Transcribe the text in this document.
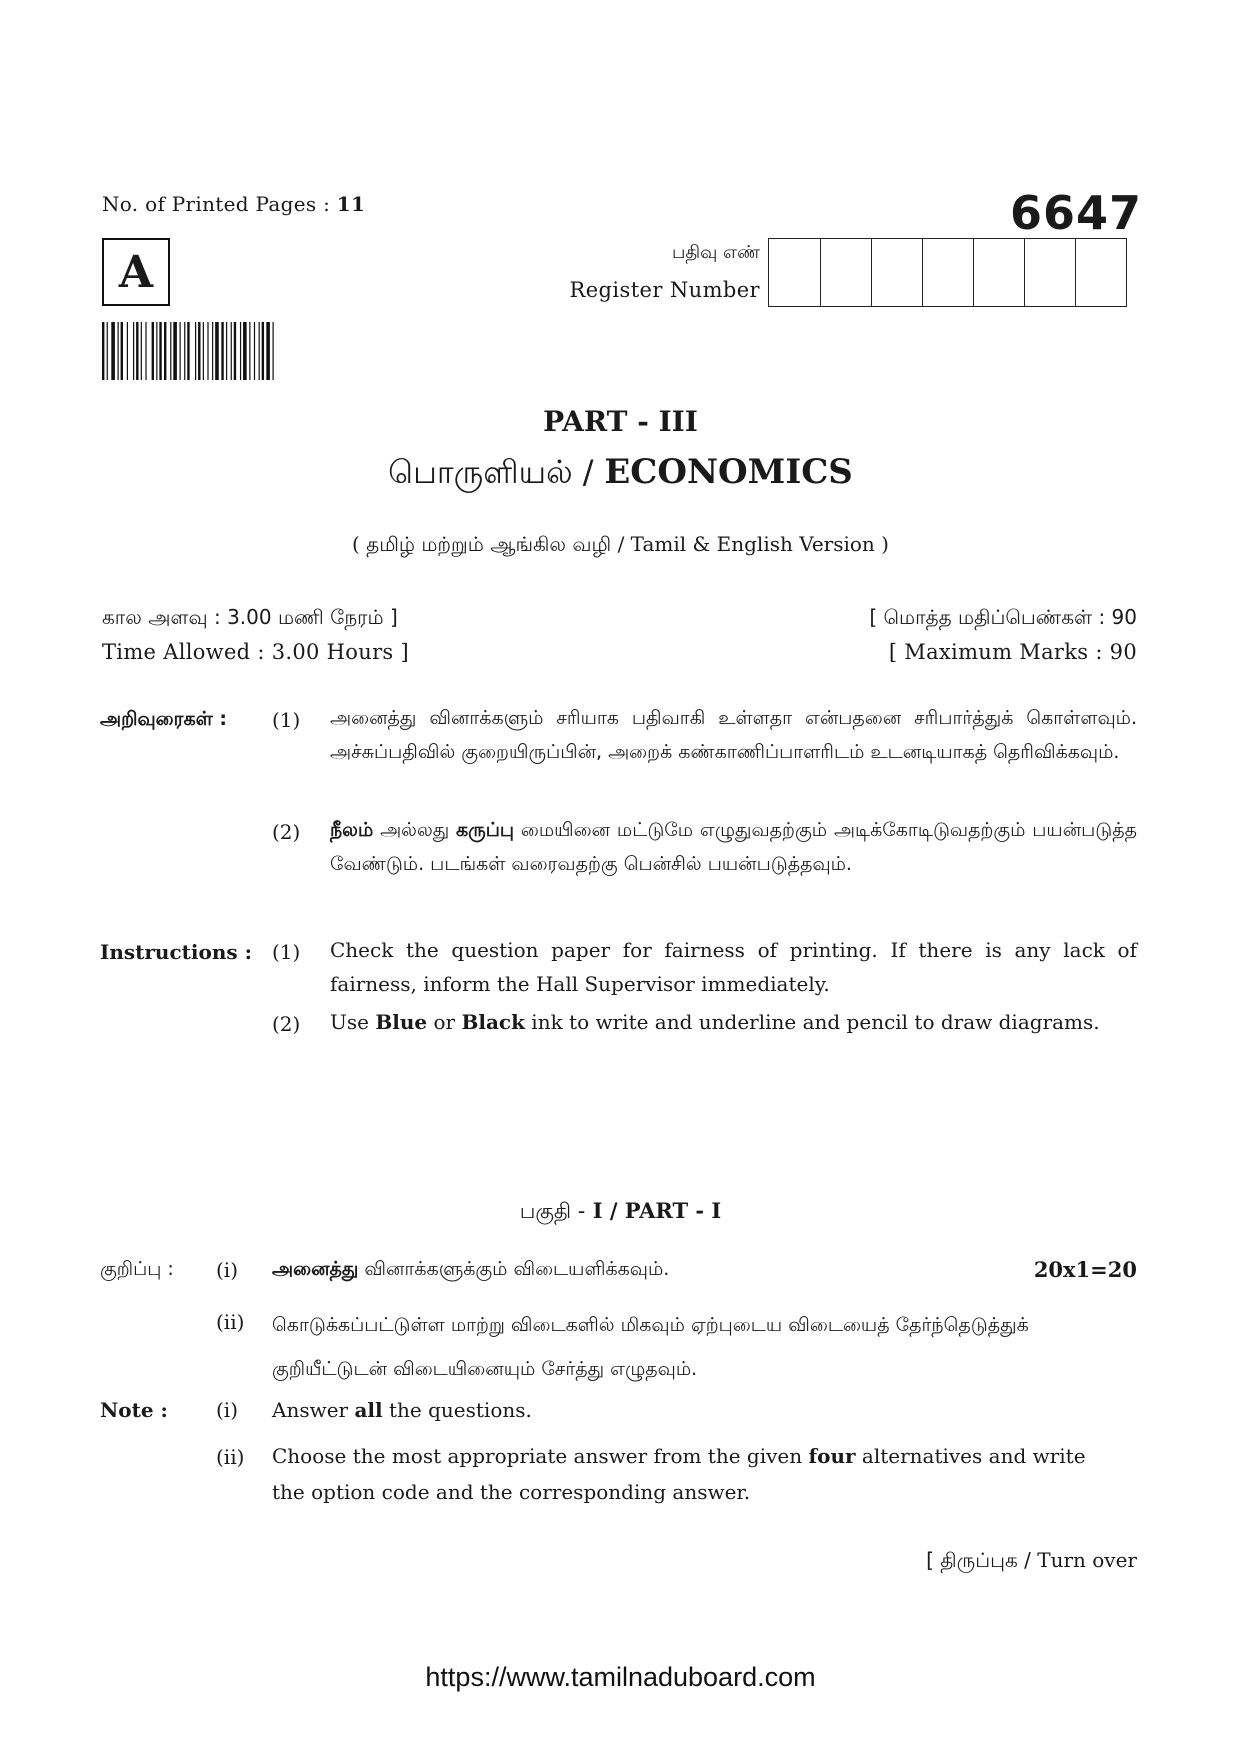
No. of Printed Pages : 11	6647
A	பதிவு எண்
Register Number
PART - III
பொருளியல் / ECONOMICS
( தமிழ் மற்றும் ஆங்கில வழி / Tamil & English Version )
கால அளவு : 3.00 மணி நேரம் ]
Time Allowed : 3.00 Hours ]
[ மொத்த மதிப்பெண்கள் : 90
[ Maximum Marks : 90
அறிவுரைகள் : (1) அனைத்து வினாக்களும் சரியாக பதிவாகி உள்ளதா என்பதனை சரிபார்த்துக் கொள்ளவும். அச்சுப்பதிவில் குறையிருப்பின், அறைக் கண்காணிப்பாளரிடம் உடனடியாகத் தெரிவிக்கவும்.
(2) நீலம் அல்லது கருப்பு மையினை மட்டுமே எழுதுவதற்கும் அடிக்கோடிடுவதற்கும் பயன்படுத்த வேண்டும். படங்கள் வரைவதற்கு பென்சில் பயன்படுத்தவும்.
Instructions : (1) Check the question paper for fairness of printing. If there is any lack of fairness, inform the Hall Supervisor immediately.
(2) Use Blue or Black ink to write and underline and pencil to draw diagrams.
பகுதி - I / PART - I
குறிப்பு : (i) அனைத்து வினாக்களுக்கும் விடையளிக்கவும்.	20x1=20
(ii) கொடுக்கப்பட்டுள்ள மாற்று விடைகளில் மிகவும் ஏற்புடைய விடையைத் தேர்ந்தெடுத்துக் குறியீட்டுடன் விடையினையும் சேர்த்து எழுதவும்.
Note : (i) Answer all the questions.
(ii) Choose the most appropriate answer from the given four alternatives and write the option code and the corresponding answer.
[ திருப்புக / Turn over
https://www.tamilnaduboard.com
